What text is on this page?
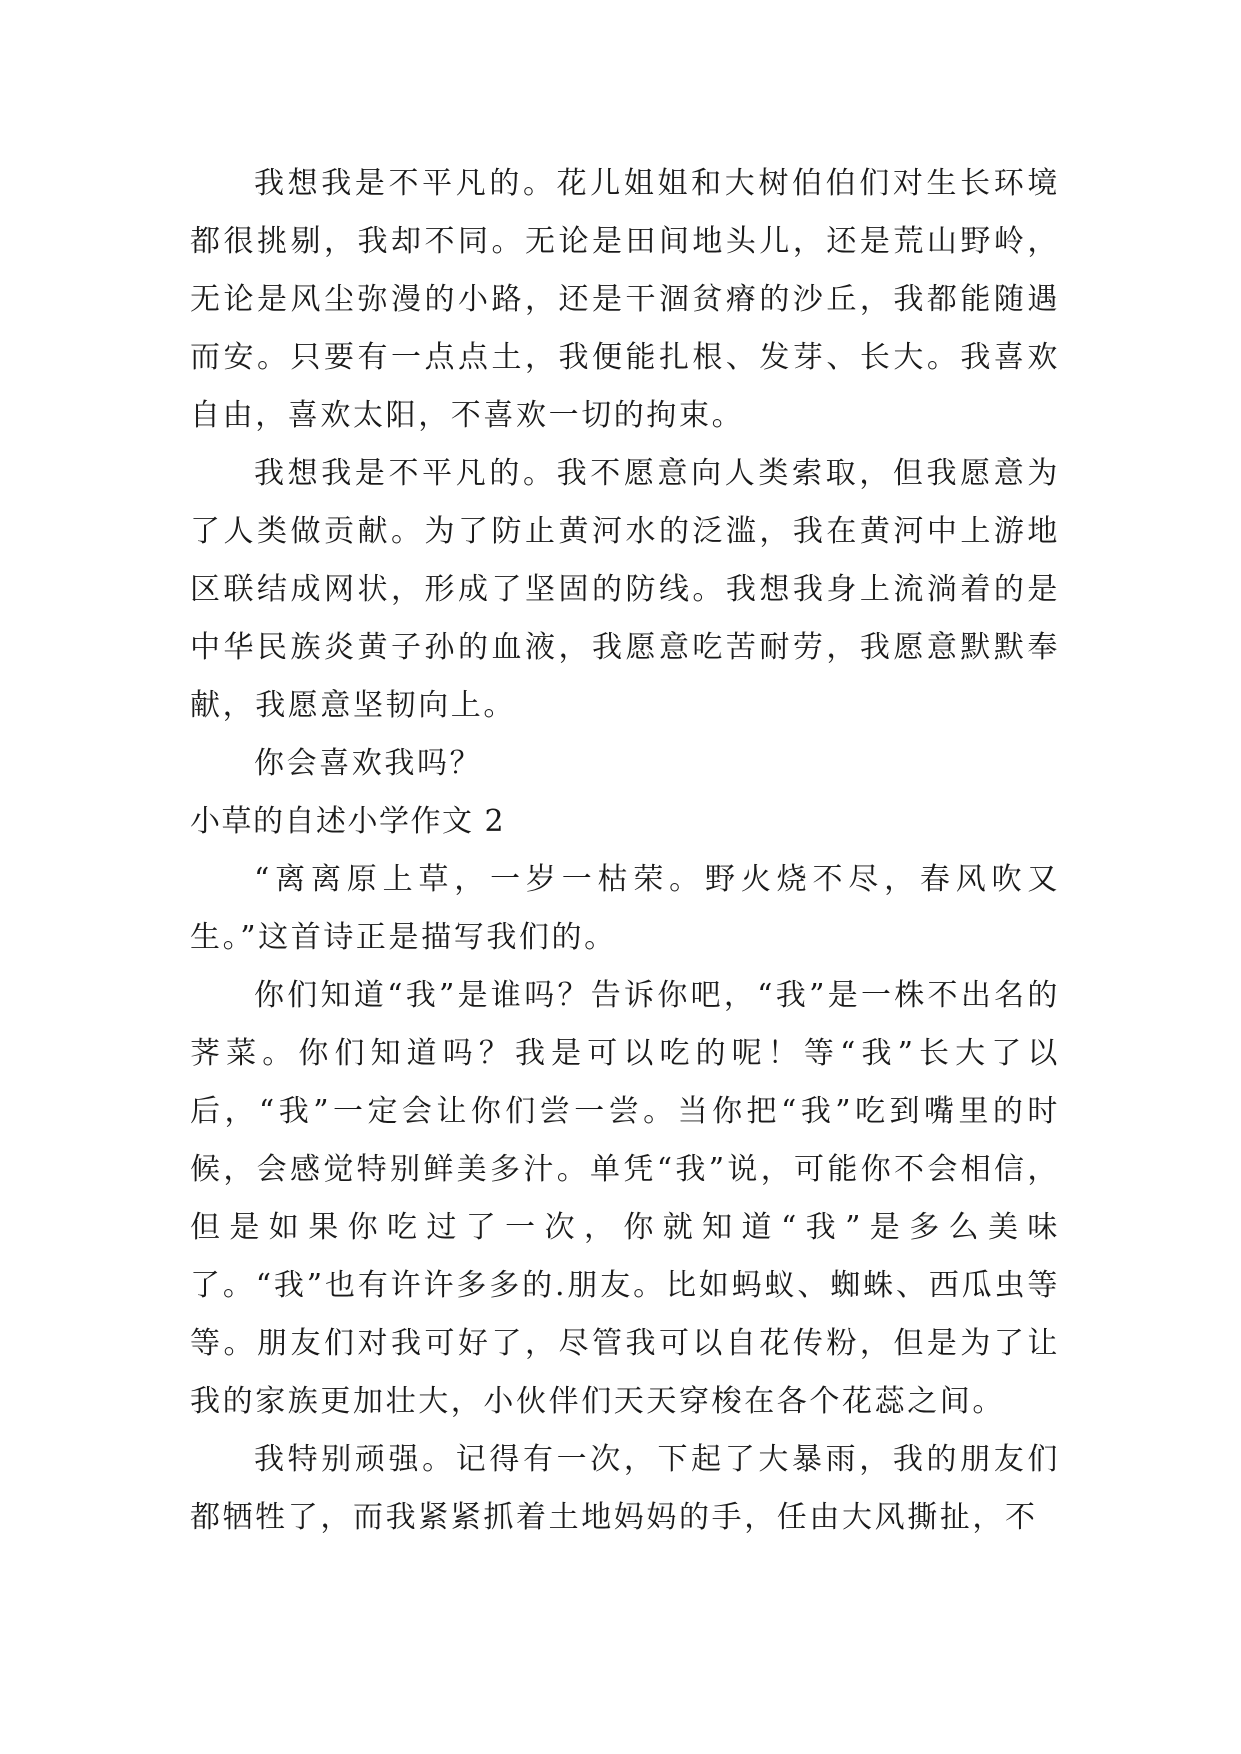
我想我是不平凡的。花儿姐姐和大树伯伯们对生长环境都很挑剔，我却不同。无论是田间地头儿，还是荒山野岭，无论是风尘弥漫的小路，还是干涸贫瘠的沙丘，我都能随遇而安。只要有一点点土，我便能扎根、发芽、长大。我喜欢自由，喜欢太阳，不喜欢一切的拘束。

我想我是不平凡的。我不愿意向人类索取，但我愿意为了人类做贡献。为了防止黄河水的泛滥，我在黄河中上游地区联结成网状，形成了坚固的防线。我想我身上流淌着的是中华民族炎黄子孙的血液，我愿意吃苦耐劳，我愿意默默奉献，我愿意坚韧向上。

你会喜欢我吗？

小草的自述小学作文 2

“离离原上草，一岁一枯荣。野火烧不尽，春风吹又生。”这首诗正是描写我们的。

你们知道“我”是谁吗？告诉你吧，“我”是一株不出名的荠菜。你们知道吗？我是可以吃的呢！等“我”长大了以后，“我”一定会让你们尝一尝。当你把“我”吃到嘴里的时候，会感觉特别鲜美多汁。单凭“我”说，可能你不会相信，但是如果你吃过了一次，你就知道“我”是多么美味了。“我”也有许许多多的.朋友。比如蚂蚁、蜘蛛、西瓜虫等等。朋友们对我可好了，尽管我可以自花传粉，但是为了让我的家族更加壮大，小伙伴们天天穿梭在各个花蕊之间。

我特别顽强。记得有一次，下起了大暴雨，我的朋友们都牺牲了，而我紧紧抓着土地妈妈的手，任由大风撕扯，不
